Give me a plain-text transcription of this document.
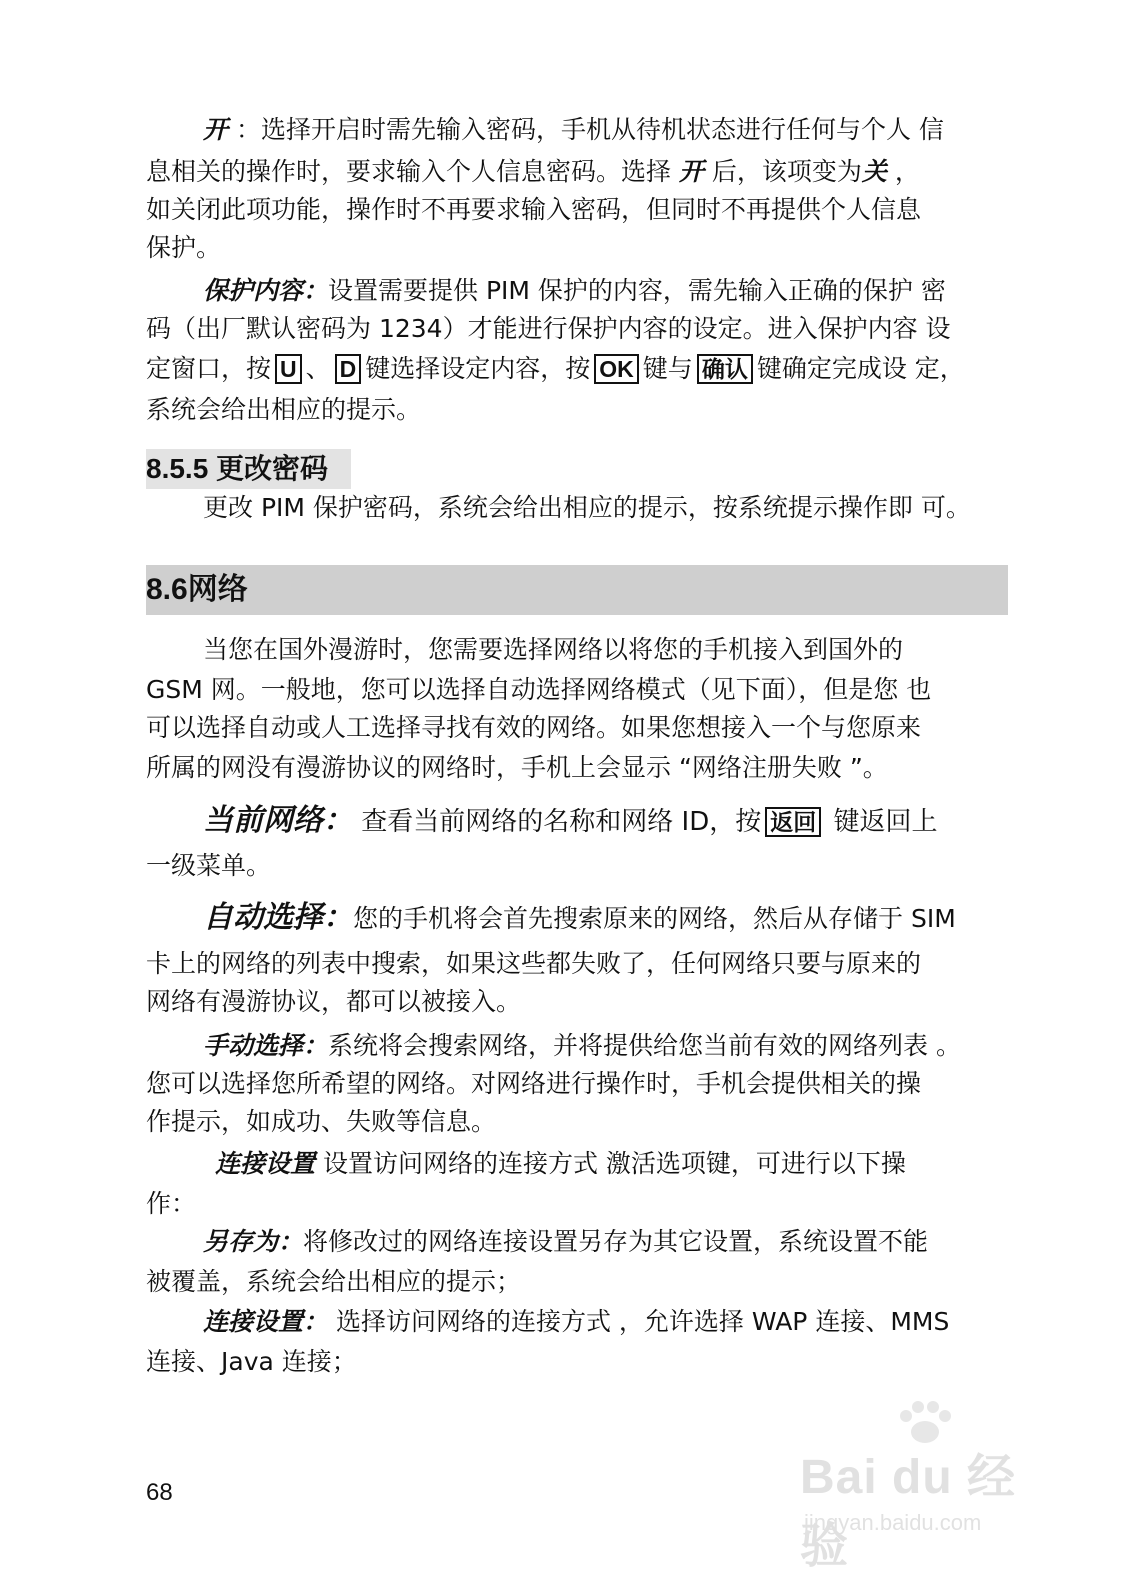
开 ：选择开启时需先输入密码，手机从待机状态进行任何与个人 信
息相关的操作时，要求输入个人信息密码。选择 开 后，该项变为关 ，
如关闭此项功能，操作时不再要求输入密码，但同时不再提供个人信息
保护。
保护内容：设置需要提供 PIM 保护的内容，需先输入正确的保护 密
码（出厂默认密码为 1234）才能进行保护内容的设定。进入保护内容 设
定窗口，按 U 、 D 键选择设定内容，按 OK 键与 确认 键确定完成设 定，
系统会给出相应的提示。
8.5.5 更改密码
更改 PIM 保护密码，系统会给出相应的提示，按系统提示操作即 可。
8.6网络
当您在国外漫游时，您需要选择网络以将您的手机接入到国外的
GSM 网。一般地，您可以选择自动选择网络模式（见下面），但是您 也
可以选择自动或人工选择寻找有效的网络。如果您想接入一个与您原来
所属的网没有漫游协议的网络时，手机上会显示 “网络注册失败 ”。
当前网络： 查看当前网络的名称和网络 ID，按 返回 键返回上
一级菜单。
自动选择：您的手机将会首先搜索原来的网络，然后从存储于 SIM
卡上的网络的列表中搜索，如果这些都失败了，任何网络只要与原来的
网络有漫游协议，都可以被接入。
手动选择：系统将会搜索网络，并将提供给您当前有效的网络列表 。
您可以选择您所希望的网络。对网络进行操作时，手机会提供相关的操
作提示，如成功、失败等信息。
连接设置 设置访问网络的连接方式 激活选项键，可进行以下操
作：
另存为：将修改过的网络连接设置另存为其它设置，系统设置不能
被覆盖，系统会给出相应的提示；
连接设置： 选择访问网络的连接方式 ，允许选择 WAP 连接、MMS
连接、Java 连接；
68	Bai du 经验
jingyan.baidu.com
